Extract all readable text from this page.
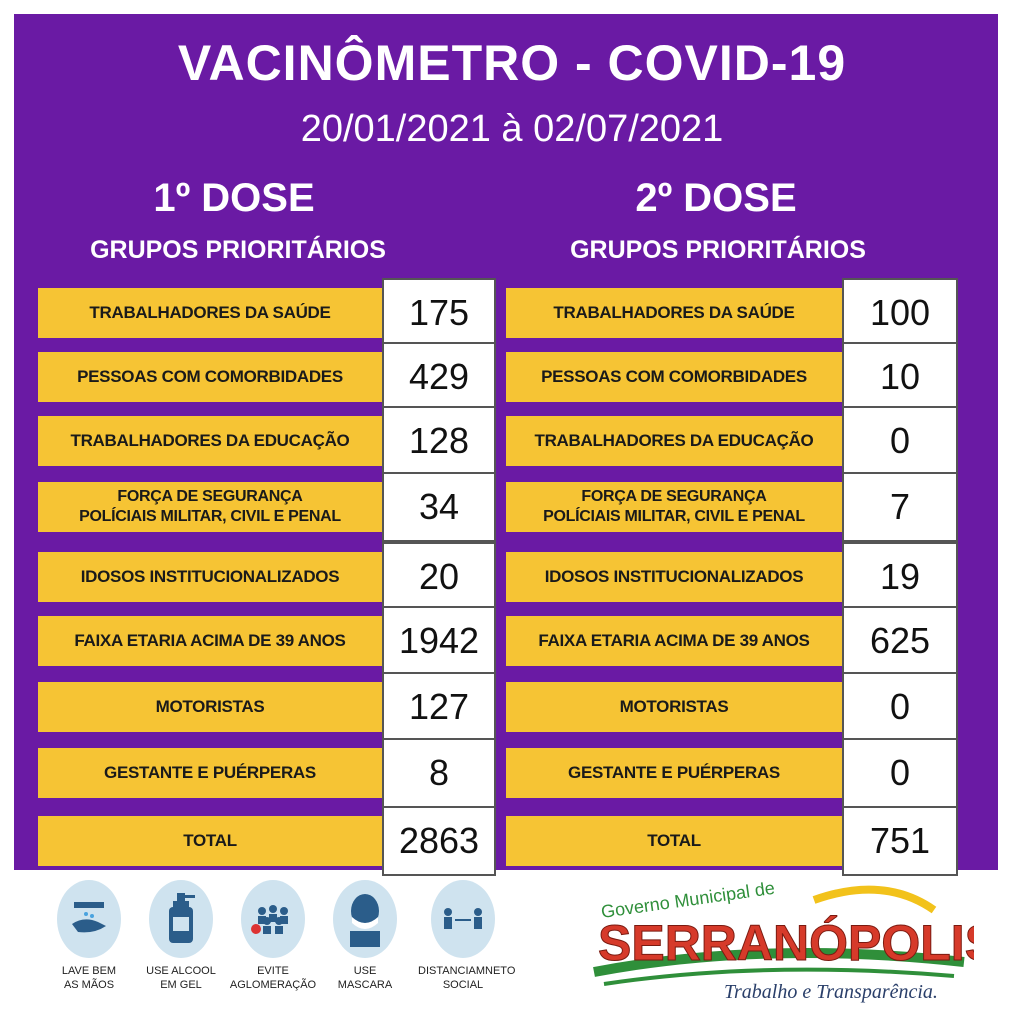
VACINÔMETRO - COVID-19
20/01/2021 à 02/07/2021
1º DOSE	2º DOSE
GRUPOS PRIORITÁRIOS	GRUPOS PRIORITÁRIOS
TRABALHADORES DA SAÚDE	175
PESSOAS COM COMORBIDADES	429
TRABALHADORES DA EDUCAÇÃO	128
FORÇA DE SEGURANÇA
POLÍCIAIS MILITAR, CIVIL E PENAL	34
IDOSOS INSTITUCIONALIZADOS	20
FAIXA ETARIA ACIMA DE 39 ANOS	1942
MOTORISTAS	127
GESTANTE E PUÉRPERAS	8
TOTAL	2863
TRABALHADORES DA SAÚDE	100
PESSOAS COM COMORBIDADES	10
TRABALHADORES DA EDUCAÇÃO	0
FORÇA DE SEGURANÇA
POLÍCIAIS MILITAR, CIVIL E PENAL	7
IDOSOS INSTITUCIONALIZADOS	19
FAIXA ETARIA ACIMA DE 39 ANOS	625
MOTORISTAS	0
GESTANTE E PUÉRPERAS	0
TOTAL	751
LAVE BEM
AS MÃOS
USE ALCOOL
EM GEL
EVITE
AGLOMERAÇÃO
USE
MASCARA
DISTANCIAMNETO
SOCIAL
Governo Municipal de
SERRANÓPOLIS
Trabalho e Transparência.
